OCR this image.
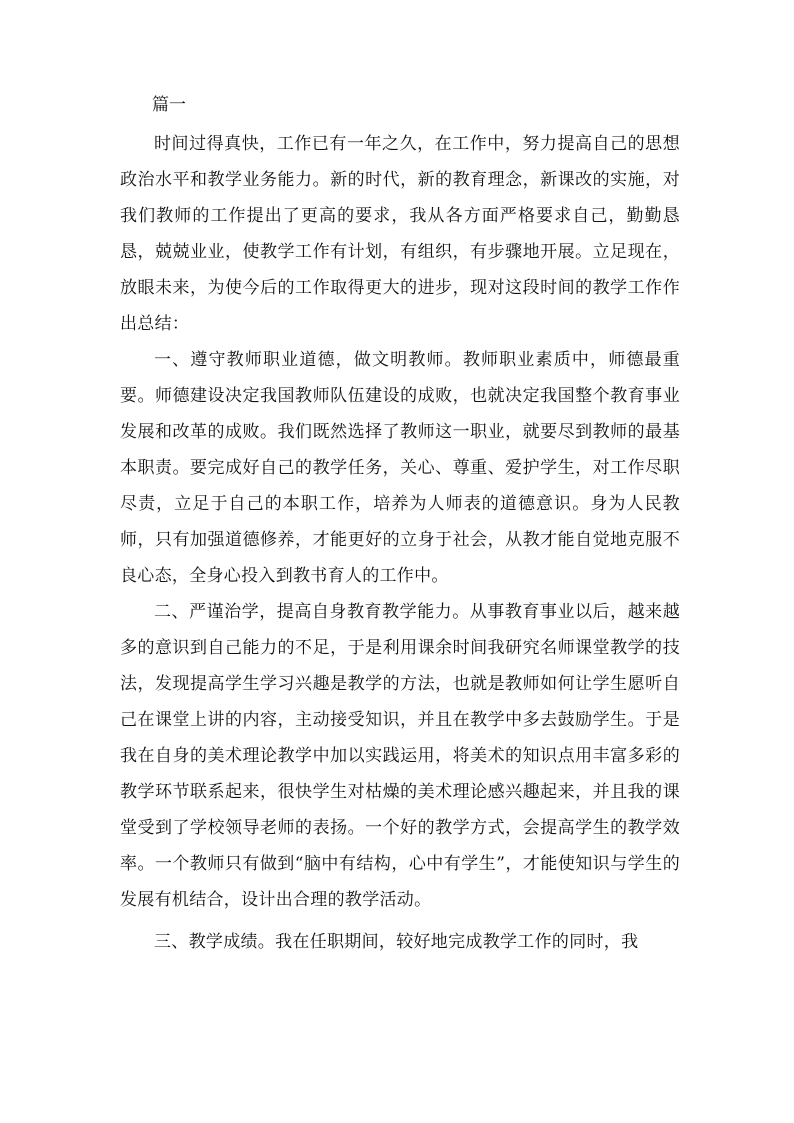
篇一

时间过得真快，工作已有一年之久，在工作中，努力提高自己的思想政治水平和教学业务能力。新的时代，新的教育理念，新课改的实施，对我们教师的工作提出了更高的要求，我从各方面严格要求自己，勤勤恳恳，兢兢业业，使教学工作有计划，有组织，有步骤地开展。立足现在，放眼未来，为使今后的工作取得更大的进步，现对这段时间的教学工作作出总结：

一、遵守教师职业道德，做文明教师。教师职业素质中，师德最重要。师德建设决定我国教师队伍建设的成败，也就决定我国整个教育事业发展和改革的成败。我们既然选择了教师这一职业，就要尽到教师的最基本职责。要完成好自己的教学任务，关心、尊重、爱护学生，对工作尽职尽责，立足于自己的本职工作，培养为人师表的道德意识。身为人民教师，只有加强道德修养，才能更好的立身于社会，从教才能自觉地克服不良心态，全身心投入到教书育人的工作中。

二、严谨治学，提高自身教育教学能力。从事教育事业以后，越来越多的意识到自己能力的不足，于是利用课余时间我研究名师课堂教学的技法，发现提高学生学习兴趣是教学的方法，也就是教师如何让学生愿听自己在课堂上讲的内容，主动接受知识，并且在教学中多去鼓励学生。于是我在自身的美术理论教学中加以实践运用，将美术的知识点用丰富多彩的教学环节联系起来，很快学生对枯燥的美术理论感兴趣起来，并且我的课堂受到了学校领导老师的表扬。一个好的教学方式，会提高学生的教学效率。一个教师只有做到“脑中有结构，心中有学生”，才能使知识与学生的发展有机结合，设计出合理的教学活动。

三、教学成绩。我在任职期间，较好地完成教学工作的同时，我
